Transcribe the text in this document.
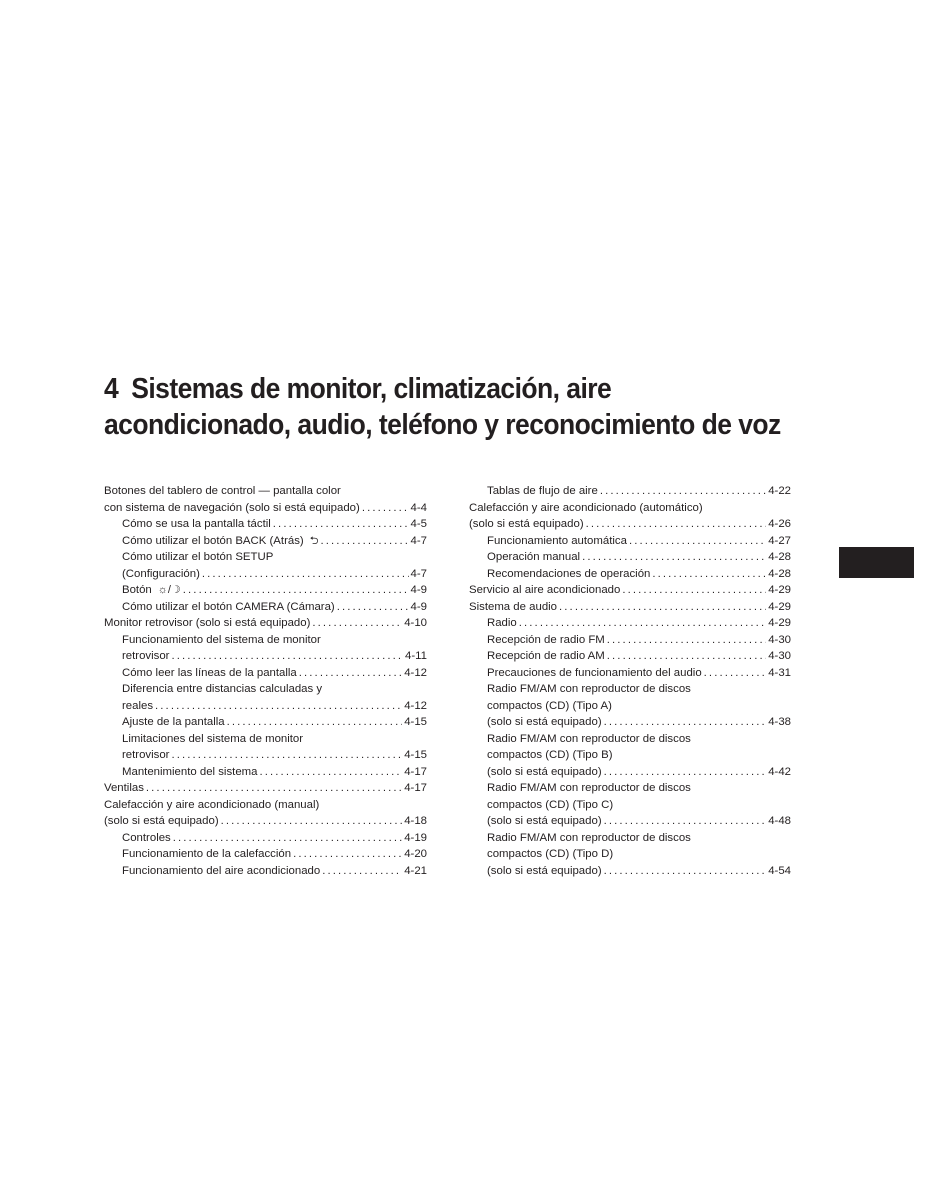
4 Sistemas de monitor, climatización, aire
acondicionado, audio, teléfono y reconocimiento de voz
Botones del tablero de control — pantalla color
con sistema de navegación (solo si está equipado) .....	4-4
Cómo se usa la pantalla táctil .....	4-5
Cómo utilizar el botón BACK (Atrás) ⮌ .....	4-7
Cómo utilizar el botón SETUP
(Configuración) .....	4-7
Botón ☼/☽ .....	4-9
Cómo utilizar el botón CAMERA (Cámara) .....	4-9
Monitor retrovisor (solo si está equipado) .....	4-10
Funcionamiento del sistema de monitor
retrovisor .....	4-11
Cómo leer las líneas de la pantalla .....	4-12
Diferencia entre distancias calculadas y
reales .....	4-12
Ajuste de la pantalla .....	4-15
Limitaciones del sistema de monitor
retrovisor .....	4-15
Mantenimiento del sistema .....	4-17
Ventilas .....	4-17
Calefacción y aire acondicionado (manual)
(solo si está equipado) .....	4-18
Controles .....	4-19
Funcionamiento de la calefacción .....	4-20
Funcionamiento del aire acondicionado .....	4-21
Tablas de flujo de aire .....	4-22
Calefacción y aire acondicionado (automático)
(solo si está equipado) .....	4-26
Funcionamiento automática .....	4-27
Operación manual .....	4-28
Recomendaciones de operación .....	4-28
Servicio al aire acondicionado .....	4-29
Sistema de audio .....	4-29
Radio .....	4-29
Recepción de radio FM .....	4-30
Recepción de radio AM .....	4-30
Precauciones de funcionamiento del audio .....	4-31
Radio FM/AM con reproductor de discos
compactos (CD) (Tipo A)
(solo si está equipado) .....	4-38
Radio FM/AM con reproductor de discos
compactos (CD) (Tipo B)
(solo si está equipado) .....	4-42
Radio FM/AM con reproductor de discos
compactos (CD) (Tipo C)
(solo si está equipado) .....	4-48
Radio FM/AM con reproductor de discos
compactos (CD) (Tipo D)
(solo si está equipado) .....	4-54
